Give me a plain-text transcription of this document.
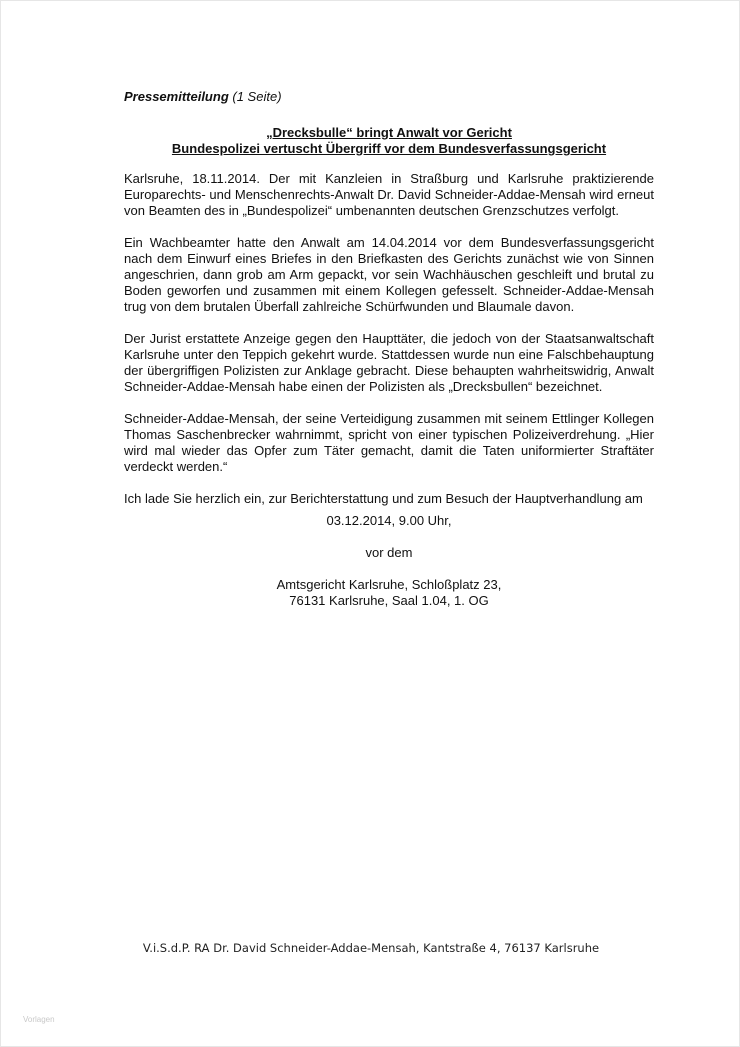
Pressemitteilung (1 Seite)

„Drecksbulle“ bringt Anwalt vor Gericht

Bundespolizei vertuscht Übergriff vor dem Bundesverfassungsgericht

Karlsruhe, 18.11.2014. Der mit Kanzleien in Straßburg und Karlsruhe praktizierende Europarechts- und Menschenrechts-Anwalt Dr. David Schneider-Addae-Mensah wird erneut von Beamten des in „Bundespolizei“ umbenannten deutschen Grenzschutzes verfolgt.

Ein Wachbeamter hatte den Anwalt am 14.04.2014 vor dem Bundesverfassungsgericht nach dem Einwurf eines Briefes in den Briefkasten des Gerichts zunächst wie von Sinnen angeschrien, dann grob am Arm gepackt, vor sein Wachhäuschen geschleift und brutal zu Boden geworfen und zusammen mit einem Kollegen gefesselt. Schneider-Addae-Mensah trug von dem brutalen Überfall zahlreiche Schürfwunden und Blaumale davon.

Der Jurist erstattete Anzeige gegen den Haupttäter, die jedoch von der Staatsanwaltschaft Karlsruhe unter den Teppich gekehrt wurde. Stattdessen wurde nun eine Falschbehauptung der übergriffigen Polizisten zur Anklage gebracht. Diese behaupten wahrheitswidrig, Anwalt Schneider-Addae-Mensah habe einen der Polizisten als „Drecksbullen“ bezeichnet.

Schneider-Addae-Mensah, der seine Verteidigung zusammen mit seinem Ettlinger Kollegen Thomas Saschenbrecker wahrnimmt, spricht von einer typischen Polizeiverdrehung. „Hier wird mal wieder das Opfer zum Täter gemacht, damit die Taten uniformierter Straftäter verdeckt werden.“

Ich lade Sie herzlich ein, zur Berichterstattung und zum Besuch der Hauptverhandlung am

03.12.2014, 9.00 Uhr,

vor dem

Amtsgericht Karlsruhe, Schloßplatz 23,

76131 Karlsruhe, Saal 1.04, 1. OG

V.i.S.d.P. RA Dr. David Schneider-Addae-Mensah, Kantstraße 4, 76137 Karlsruhe
Vorlagen
